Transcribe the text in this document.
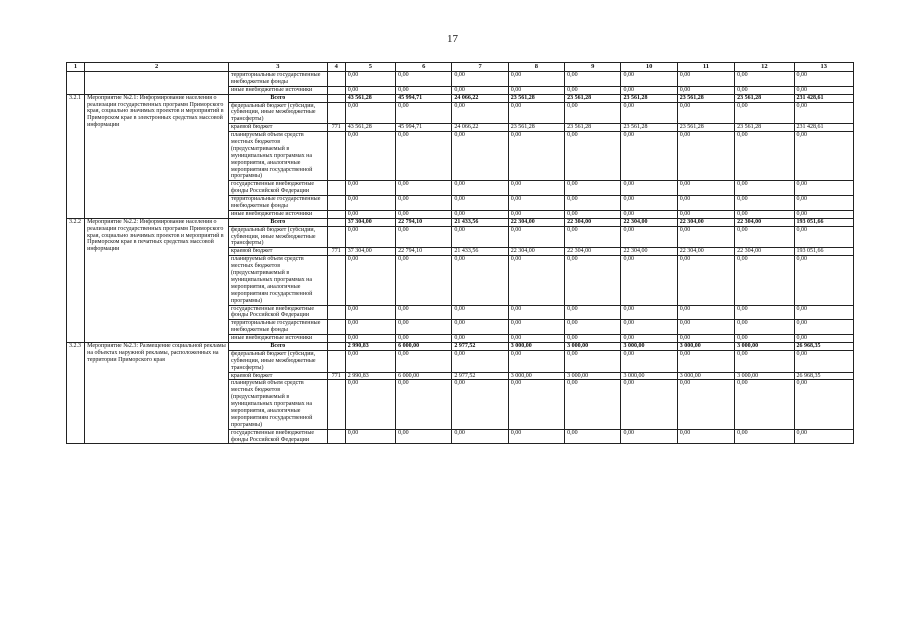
17
1	2	3	4	5	6	7	8	9	10	11	12	13
		территориальные государственные внебюджетные фонды		0,00	0,00	0,00	0,00	0,00	0,00	0,00	0,00	0,00
		иные внебюджетные источники		0,00	0,00	0,00	0,00	0,00	0,00	0,00	0,00	0,00
3.2.1	Мероприятие №2.1: Информирование населения о реализации государственных программ Приморского края, социально значимых проектов и мероприятий в Приморском крае в электронных средствах массовой информации	Всего		43 561,28	45 994,71	24 066,22	23 561,28	23 561,28	23 561,28	23 561,28	23 561,28	231 428,61
		федеральный бюджет (субсидии, субвенции, иные межбюджетные трансферты)		0,00	0,00	0,00	0,00	0,00	0,00	0,00	0,00	0,00
		краевой бюджет	771	43 561,28	45 994,71	24 066,22	23 561,28	23 561,28	23 561,28	23 561,28	23 561,28	231 428,61
		планируемый объем средств местных бюджетов (предусматриваемый в муниципальных программах на мероприятия, аналогичные мероприятиям государственной программы)		0,00	0,00	0,00	0,00	0,00	0,00	0,00	0,00	0,00
		государственные внебюджетные фонды Российской Федерации		0,00	0,00	0,00	0,00	0,00	0,00	0,00	0,00	0,00
		территориальные государственные внебюджетные фонды		0,00	0,00	0,00	0,00	0,00	0,00	0,00	0,00	0,00
		иные внебюджетные источники		0,00	0,00	0,00	0,00	0,00	0,00	0,00	0,00	0,00
3.2.2	Мероприятие №2.2: Информирование населения о реализации государственных программ Приморского края, социально значимых проектов и мероприятий в Приморском крае в печатных средствах массовой информации	Всего		37 304,00	22 794,10	21 433,56	22 304,00	22 304,00	22 304,00	22 304,00	22 304,00	193 051,66
		федеральный бюджет (субсидии, субвенции, иные межбюджетные трансферты)		0,00	0,00	0,00	0,00	0,00	0,00	0,00	0,00	0,00
		краевой бюджет	771	37 304,00	22 794,10	21 433,56	22 304,00	22 304,00	22 304,00	22 304,00	22 304,00	193 051,66
		планируемый объем средств местных бюджетов (предусматриваемый в муниципальных программах на мероприятия, аналогичные мероприятиям государственной программы)		0,00	0,00	0,00	0,00	0,00	0,00	0,00	0,00	0,00
		государственные внебюджетные фонды Российской Федерации		0,00	0,00	0,00	0,00	0,00	0,00	0,00	0,00	0,00
		территориальные государственные внебюджетные фонды		0,00	0,00	0,00	0,00	0,00	0,00	0,00	0,00	0,00
		иные внебюджетные источники		0,00	0,00	0,00	0,00	0,00	0,00	0,00	0,00	0,00
3.2.3	Мероприятие №2.3: Размещение социальной рекламы на объектах наружной рекламы, расположенных на территории Приморского края	Всего		2 990,83	6 000,00	2 977,52	3 000,00	3 000,00	3 000,00	3 000,00	3 000,00	26 968,35
		федеральный бюджет (субсидии, субвенции, иные межбюджетные трансферты)		0,00	0,00	0,00	0,00	0,00	0,00	0,00	0,00	0,00
		краевой бюджет	771	2 990,83	6 000,00	2 977,52	3 000,00	3 000,00	3 000,00	3 000,00	3 000,00	26 968,35
		планируемый объем средств местных бюджетов (предусматриваемый в муниципальных программах на мероприятия, аналогичные мероприятиям государственной программы)		0,00	0,00	0,00	0,00	0,00	0,00	0,00	0,00	0,00
		государственные внебюджетные фонды Российской Федерации		0,00	0,00	0,00	0,00	0,00	0,00	0,00	0,00	0,00
